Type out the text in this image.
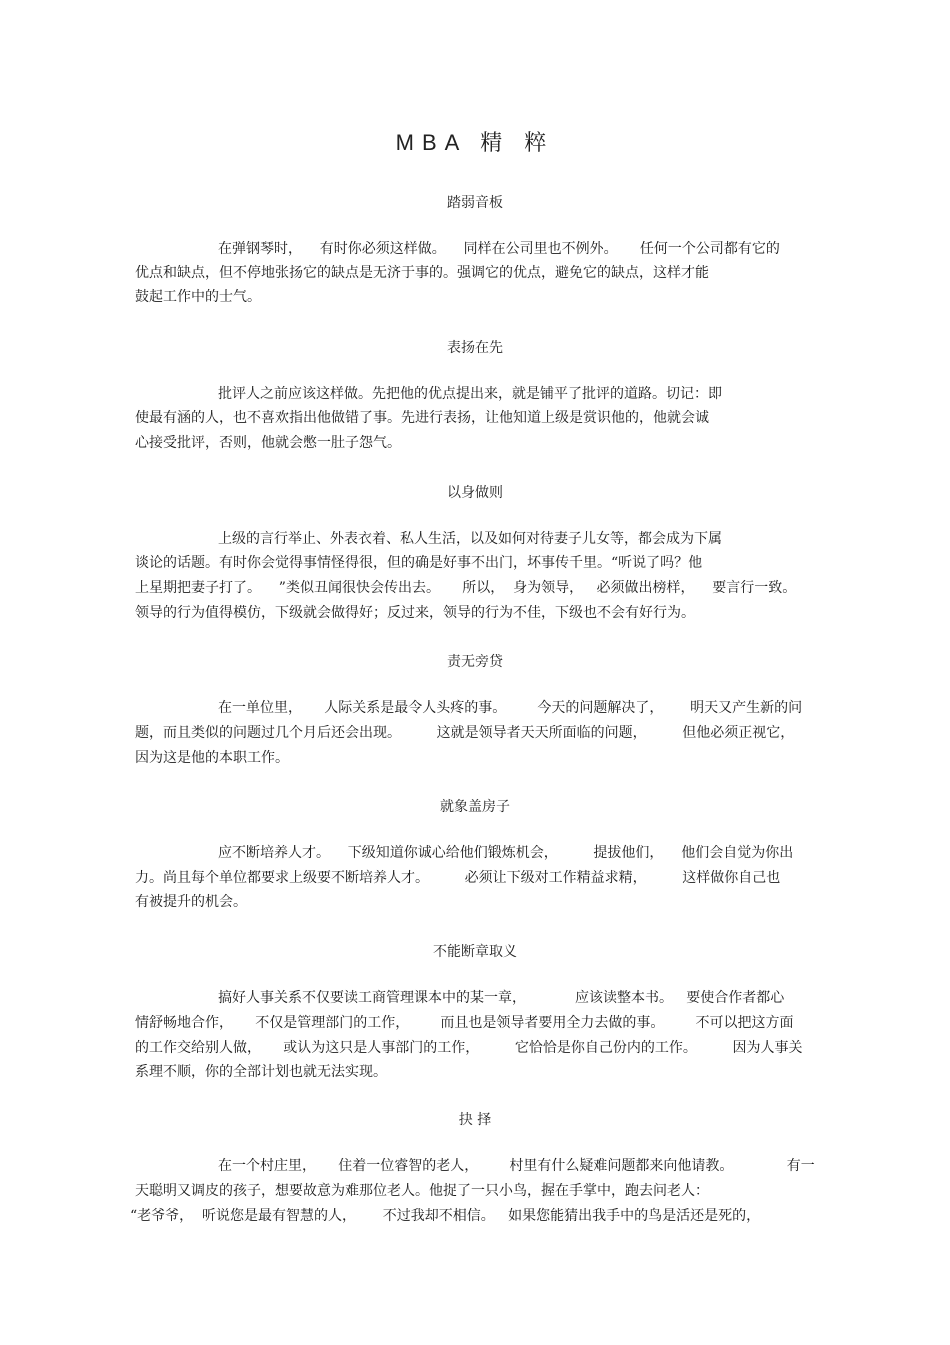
MBA 精 粹
踏弱音板
在弹钢琴时，    有时你必须这样做。    同样在公司里也不例外。     任何一个公司都有它的
优点和缺点，但不停地张扬它的缺点是无济于事的。强调它的优点，避免它的缺点，这样才能
鼓起工作中的士气。
表扬在先
批评人之前应该这样做。先把他的优点提出来，就是铺平了批评的道路。切记：即
使最有涵的人，也不喜欢指出他做错了事。先进行表扬，让他知道上级是赏识他的，他就会诚
心接受批评，否则，他就会憋一肚子怨气。
以身做则
上级的言行举止、外表衣着、私人生活，以及如何对待妻子儿女等，都会成为下属
谈论的话题。有时你会觉得事情怪得很，但的确是好事不出门，坏事传千里。“听说了吗？他
上星期把妻子打了。    ”类似丑闻很快会传出去。     所以，  身为领导，   必须做出榜样，    要言行一致。
领导的行为值得模仿，下级就会做得好；反过来，领导的行为不佳，下级也不会有好行为。
责无旁贷
在一单位里，     人际关系是最令人头疼的事。       今天的问题解决了，      明天又产生新的问
题，而且类似的问题过几个月后还会出现。        这就是领导者天天所面临的问题，        但他必须正视它，
因为这是他的本职工作。
就象盖房子
应不断培养人才。    下级知道你诚心给他们锻炼机会，        提拔他们，    他们会自觉为你出
力。尚且每个单位都要求上级要不断培养人才。        必须让下级对工作精益求精，        这样做你自己也
有被提升的机会。
不能断章取义
搞好人事关系不仅要读工商管理课本中的某一章，           应该读整本书。   要使合作者都心
情舒畅地合作，     不仅是管理部门的工作，       而且也是领导者要用全力去做的事。       不可以把这方面
的工作交给别人做，     或认为这只是人事部门的工作，        它恰恰是你自己份内的工作。        因为人事关
系理不顺，你的全部计划也就无法实现。
抉 择
在一个村庄里，     住着一位睿智的老人，       村里有什么疑难问题都来向他请教。            有一
天聪明又调皮的孩子，想要故意为难那位老人。他捉了一只小鸟，握在手掌中，跑去问老人：
“老爷爷，  听说您是最有智慧的人，      不过我却不相信。   如果您能猜出我手中的鸟是活还是死的，
